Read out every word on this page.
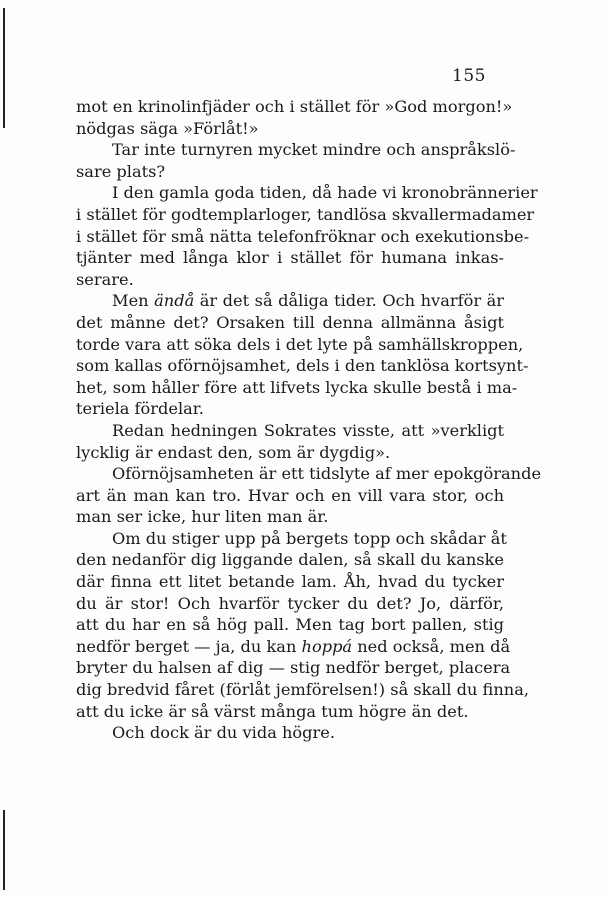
155
mot en krinolinfjäder och i stället för »God morgon!»
nödgas säga »Förlåt!»
Tar inte turnyren mycket mindre och anspråkslö-
sare plats?
I den gamla goda tiden, då hade vi kronobrännerier
i stället för godtemplarloger, tandlösa skvallermadamer
i stället för små nätta telefonfröknar och exekutionsbe-
tjänter med långa klor i stället för humana inkas-
serare.
Men ändå är det så dåliga tider. Och hvarför är
det månne det? Orsaken till denna allmänna åsigt
torde vara att söka dels i det lyte på samhällskroppen,
som kallas oförnöjsamhet, dels i den tanklösa kortsynt-
het, som håller före att lifvets lycka skulle bestå i ma-
teriela fördelar.
Redan hedningen Sokrates visste, att »verkligt
lycklig är endast den, som är dygdig».
Oförnöjsamheten är ett tidslyte af mer epokgörande
art än man kan tro. Hvar och en vill vara stor, och
man ser icke, hur liten man är.
Om du stiger upp på bergets topp och skådar åt
den nedanför dig liggande dalen, så skall du kanske
där finna ett litet betande lam. Åh, hvad du tycker
du är stor! Och hvarför tycker du det? Jo, därför,
att du har en så hög pall. Men tag bort pallen, stig
nedför berget — ja, du kan hoppá ned också, men då
bryter du halsen af dig — stig nedför berget, placera
dig bredvid fåret (förlåt jemförelsen!) så skall du finna,
att du icke är så värst många tum högre än det.
Och dock är du vida högre.
